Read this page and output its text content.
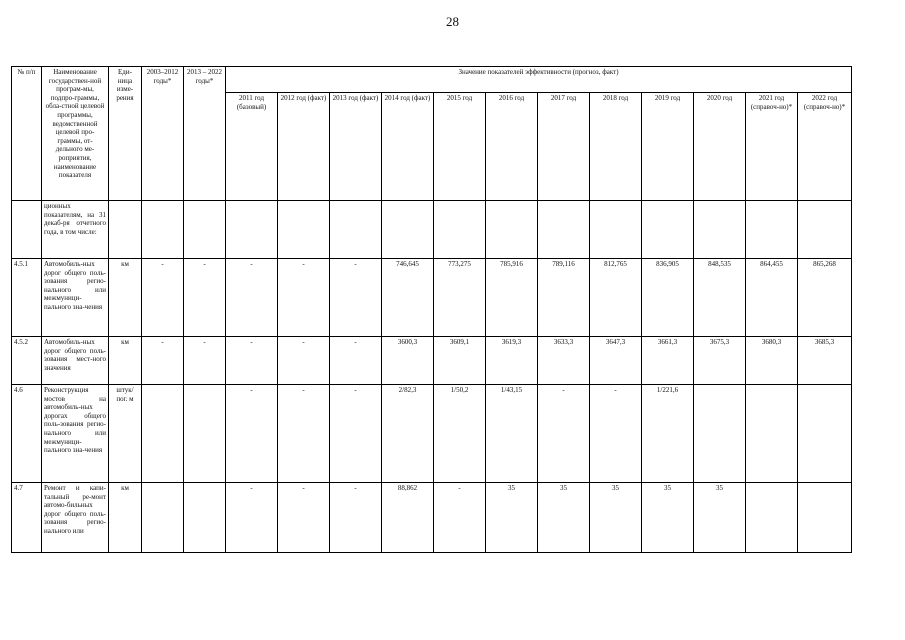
28
№ п/п	Наименование государствен-ной програм-мы, подпро-граммы, обла-стной целевой программы, ведомственной целевой про-граммы, от-дельного ме-роприятия, наименование показателя	Еди-ница изме-рения	2003–2012 годы*	2013 – 2022 годы*	Значение показателей эффективности (прогноз, факт)											
					2011 год (базовый)	2012 год (факт)	2013 год (факт)	2014 год (факт)	2015 год	2016 год	2017 год	2018 год	2019 год	2020 год	2021 год (справоч-но)*	2022 год (справоч-но)*
	ционных показателям, на 31 декаб-ря отчетного года, в том числе:															
4.5.1	Автомобиль-ных дорог общего поль-зования регио-нального или межмуници-пального зна-чения	км	-	-	-	-	-	746,645	773,275	785,916	789,116	812,765	836,905	848,535	864,455	865,268
4.5.2	Автомобиль-ных дорог общего поль-зования мест-ного значения	км	-	-	-	-	-	3600,3	3609,1	3619,3	3633,3	3647,3	3661,3	3675,3	3680,3	3685,3
4.6	Реконструкция мостов на автомобиль-ных дорогах общего поль-зования регио-нального или межмуници-пального зна-чения	штук/пог. м			-	-	-	2/82,3	1/50,2	1/43,15	-	-	1/221,6			
4.7	Ремонт и капи-тальный ре-монт автомо-бильных дорог общего поль-зования регио-нального или	км			-	-	-	88,862	-	35	35	35	35	35		
